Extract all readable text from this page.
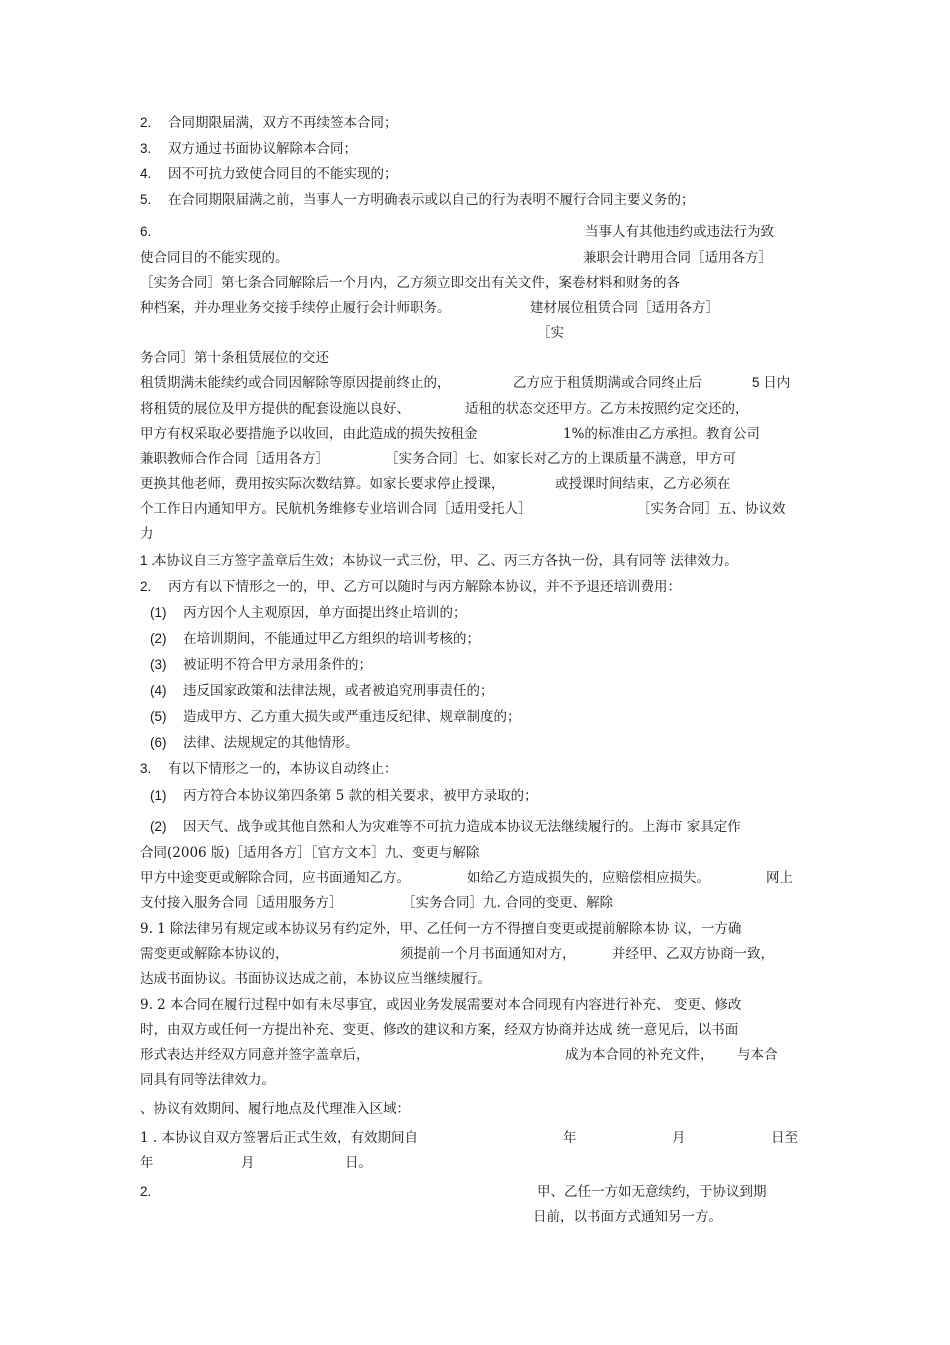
2. 合同期限届满，双方不再续签本合同；
3. 双方通过书面协议解除本合同；
4. 因不可抗力致使合同目的不能实现的；
5. 在合同期限届满之前，当事人一方明确表示或以自己的行为表明不履行合同主要义务的；
6.	当事人有其他违约或违法行为致
使合同目的不能实现的。	兼职会计聘用合同［适用各方］
［实务合同］第七条合同解除后一个月内，乙方须立即交出有关文件，案卷材料和财务的各
种档案，并办理业务交接手续停止履行会计师职务。	建材展位租赁合同［适用各方］
［实
务合同］第十条租赁展位的交还
租赁期满未能续约或合同因解除等原因提前终止的，	乙方应于租赁期满或合同终止后	5 日内
将租赁的展位及甲方提供的配套设施以良好、	适租的状态交还甲方。乙方未按照约定交还的，
甲方有权采取必要措施予以收回，由此造成的损失按租金	1%的标准由乙方承担。教育公司
兼职教师合作合同［适用各方］	［实务合同］七、如家长对乙方的上课质量不满意，甲方可
更换其他老师，费用按实际次数结算。如家长要求停止授课，	或授课时间结束，乙方必须在
个工作日内通知甲方。民航机务维修专业培训合同［适用受托人］	［实务合同］五、协议效
力
1 .
本协议自三方签字盖章后生效；本协议一式三份，甲、乙、丙三方各执一份，具有同等 法律效力。
2. 丙方有以下情形之一的，甲、乙方可以随时与丙方解除本协议，并不予退还培训费用：
(1) 丙方因个人主观原因，单方面提出终止培训的；
(2) 在培训期间，不能通过甲乙方组织的培训考核的；
(3) 被证明不符合甲方录用条件的；
(4) 违反国家政策和法律法规，或者被追究刑事责任的；
(5) 造成甲方、乙方重大损失或严重违反纪律、规章制度的；
(6) 法律、法规规定的其他情形。
3. 有以下情形之一的，本协议自动终止：
(1) 丙方符合本协议第四条第 5 款的相关要求，被甲方录取的；
(2) 因天气、战争或其他自然和人为灾难等不可抗力造成本协议无法继续履行的。上海市 家具定作
合同(2006 版)［适用各方］［官方文本］九、变更与解除
甲方中途变更或解除合同，应书面通知乙方。	如给乙方造成损失的，应赔偿相应损失。	网上
支付接入服务合同［适用服务方］	［实务合同］九. 合同的变更、解除
9. 1 除法律另有规定或本协议另有约定外，甲、乙任何一方不得擅自变更或提前解除本协 议，一方确
需变更或解除本协议的，	须提前一个月书面通知对方，	并经甲、乙双方协商一致，
达成书面协议。书面协议达成之前，本协议应当继续履行。
9. 2 本合同在履行过程中如有未尽事宜，或因业务发展需要对本合同现有内容进行补充、 变更、修改
时，由双方或任何一方提出补充、变更、修改的建议和方案，经双方协商并达成 统一意见后，以书面
形式表达并经双方同意并签字盖章后，	成为本合同的补充文件， 与本合
同具有同等法律效力。
、协议有效期间、履行地点及代理准入区域：
1 . 本协议自双方签署后正式生效，有效期间自	年	月	日至
年	月	日。
2.	甲、乙任一方如无意续约，于协议到期
日前，以书面方式通知另一方。
